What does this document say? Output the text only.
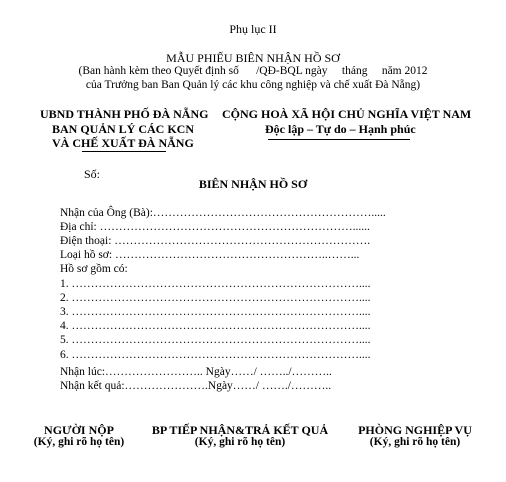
Phụ lục II
MẪU PHIẾU BIÊN NHẬN HỒ SƠ
(Ban hành kèm theo Quyết định số      /QĐ-BQL ngày     tháng     năm 2012
của Trưởng ban Ban Quản lý các khu công nghiệp và chế xuất Đà Nẵng)
UBND THÀNH PHỐ ĐÀ NẴNG
BAN QUẢN LÝ CÁC KCN
VÀ CHẾ XUẤT ĐÀ NẴNG
CỘNG HOÀ XÃ HỘI CHỦ NGHĨA VIỆT NAM
Độc lập – Tự do – Hạnh phúc
Số:
BIÊN NHẬN HỒ SƠ
Nhận của Ông (Bà):………………………………………………….....
Địa chỉ: …………………………………………………………......
Điện thoại: ………………………………………………………….
Loại hồ sơ: ………………………………………………..……...
Hồ sơ gồm có:
1. …………………………………………………………………....
2. …………………………………………………………………....
3. …………………………………………………………………....
4. …………………………………………………………………....
5. …………………………………………………………………....
6. …………………………………………………………………....
Nhận lúc:…………………….. Ngày……/ ……../………..
Nhận kết quả:………………….Ngày……/ ……./………..
NGƯỜI NỘP
(Ký, ghi rõ họ tên)
BP TIẾP NHẬN&TRẢ KẾT QUẢ
(Ký, ghi rõ họ tên)
PHÒNG NGHIỆP VỤ
(Ký, ghi rõ họ tên)
